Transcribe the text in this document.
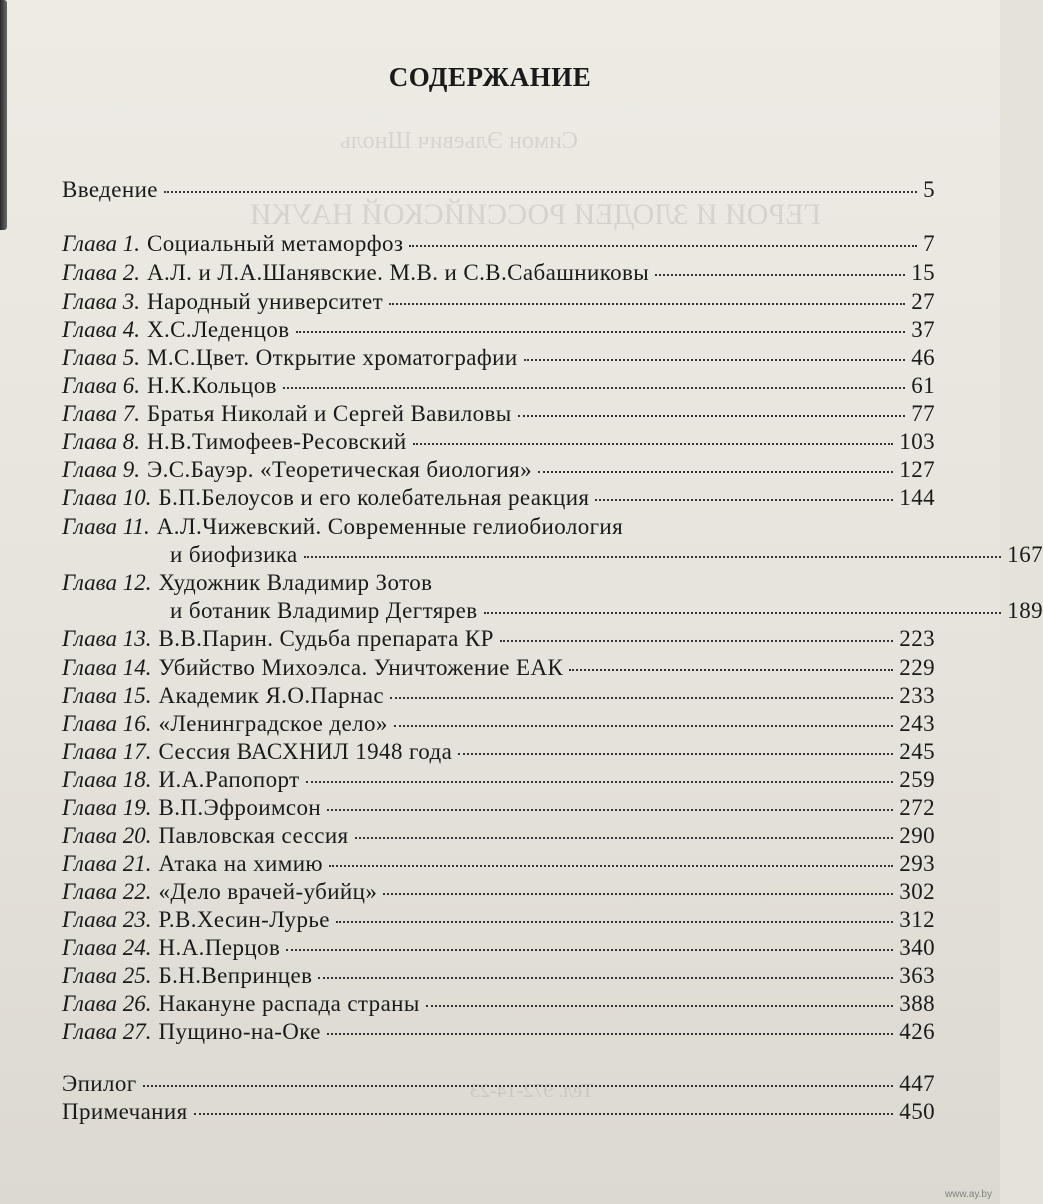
Симон Эльевич Шноль
ГЕРОИ И ЗЛОДЕИ РОССИЙСКОЙ НАУКИ
Тел. 972-14-23
СОДЕРЖАНИЕ
Введение	5
Глава 1. Социальный метаморфоз	7
Глава 2. А.Л. и Л.А.Шанявские. М.В. и С.В.Сабашниковы	15
Глава 3. Народный университет	27
Глава 4. Х.С.Леденцов	37
Глава 5. М.С.Цвет. Открытие хроматографии	46
Глава 6. Н.К.Кольцов	61
Глава 7. Братья Николай и Сергей Вавиловы	77
Глава 8. Н.В.Тимофеев-Ресовский	103
Глава 9. Э.С.Бауэр. «Теоретическая биология»	127
Глава 10. Б.П.Белоусов и его колебательная реакция	144
Глава 11. А.Л.Чижевский. Современные гелиобиология
и биофизика	167
Глава 12. Художник Владимир Зотов
и ботаник Владимир Дегтярев	189
Глава 13. В.В.Парин. Судьба препарата КР	223
Глава 14. Убийство Михоэлса. Уничтожение ЕАК	229
Глава 15. Академик Я.О.Парнас	233
Глава 16. «Ленинградское дело»	243
Глава 17. Сессия ВАСХНИЛ 1948 года	245
Глава 18. И.А.Рапопорт	259
Глава 19. В.П.Эфроимсон	272
Глава 20. Павловская сессия	290
Глава 21. Атака на химию	293
Глава 22. «Дело врачей-убийц»	302
Глава 23. Р.В.Хесин-Лурье	312
Глава 24. Н.А.Перцов	340
Глава 25. Б.Н.Вепринцев	363
Глава 26. Накануне распада страны	388
Глава 27. Пущино-на-Оке	426
Эпилог	447
Примечания	450
www.ay.by
